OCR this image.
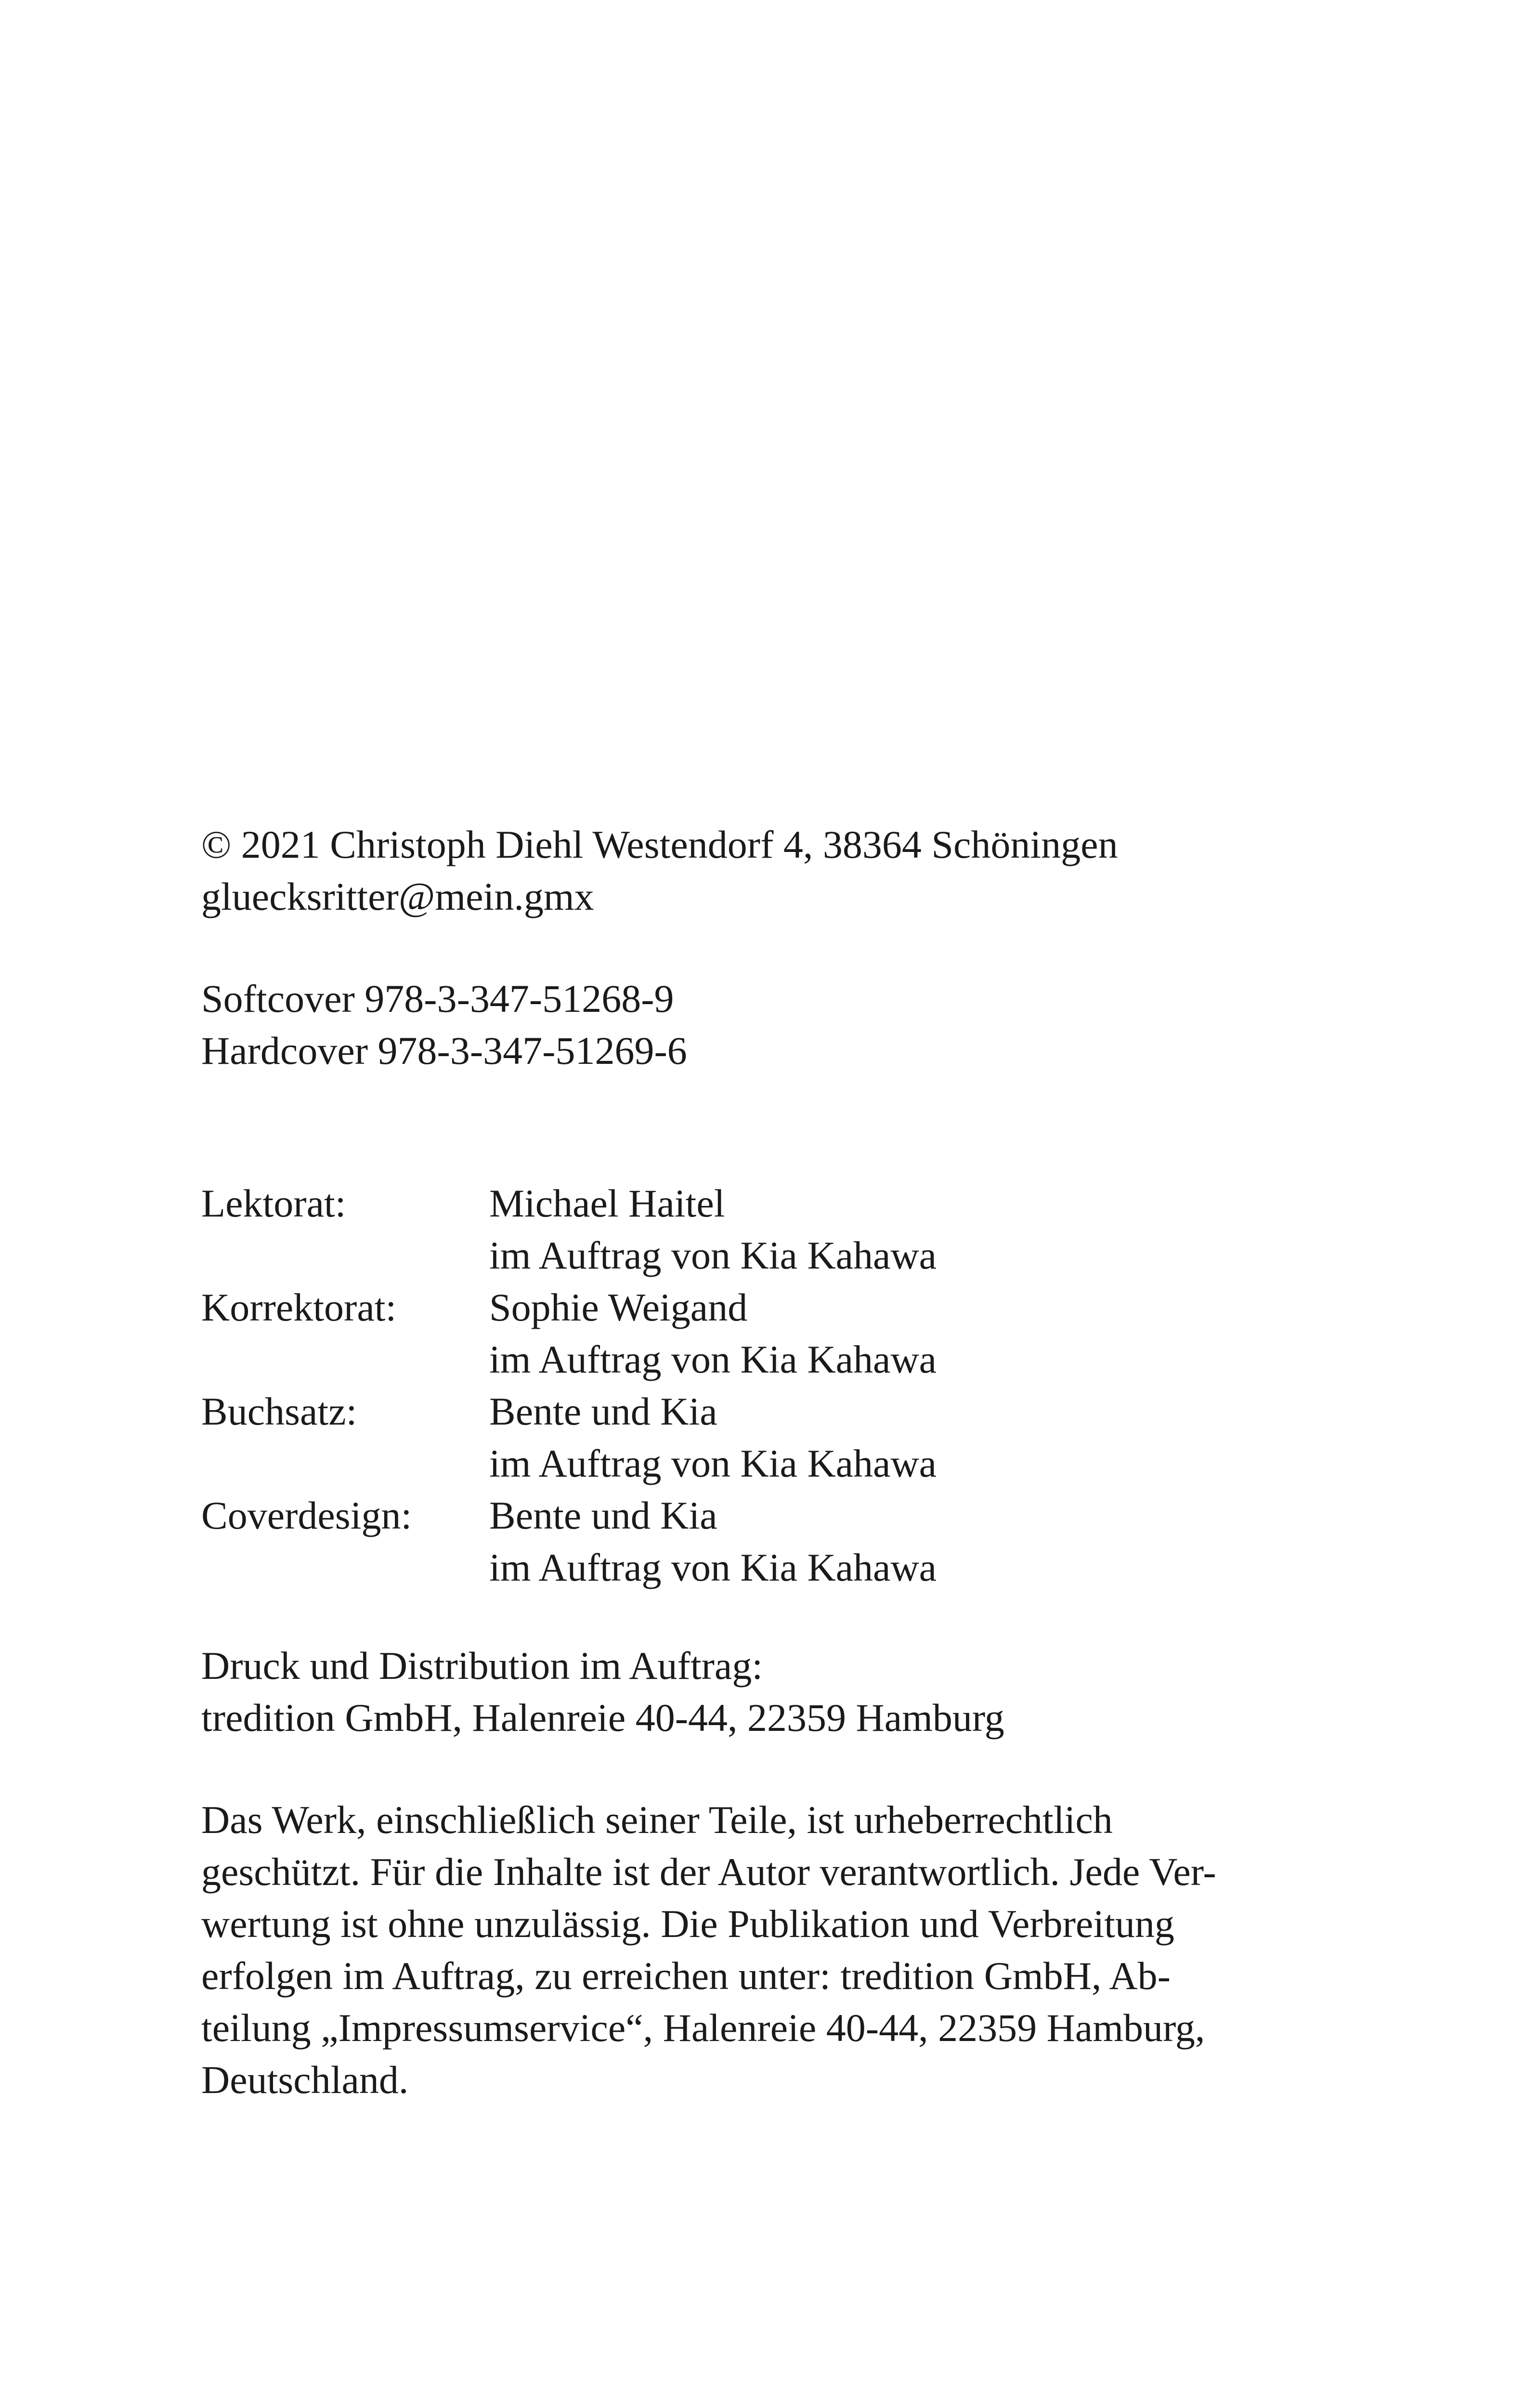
© 2021 Christoph Diehl Westendorf 4, 38364 Schöningen
gluecksritter@mein.gmx
Softcover 978-3-347-51268-9
Hardcover 978-3-347-51269-6
Lektorat:	Michael Haitel
im Auftrag von Kia Kahawa
Korrektorat:	Sophie Weigand
im Auftrag von Kia Kahawa
Buchsatz:	Bente und Kia
im Auftrag von Kia Kahawa
Coverdesign:	Bente und Kia
im Auftrag von Kia Kahawa
Druck und Distribution im Auftrag:
tredition GmbH, Halenreie 40-44, 22359 Hamburg
Das Werk, einschließlich seiner Teile, ist urheberrechtlich
geschützt. Für die Inhalte ist der Autor verantwortlich. Jede Ver-
wertung ist ohne unzulässig. Die Publikation und Verbreitung
erfolgen im Auftrag, zu erreichen unter: tredition GmbH, Ab-
teilung „Impressumservice“, Halenreie 40-44, 22359 Hamburg,
Deutschland.
